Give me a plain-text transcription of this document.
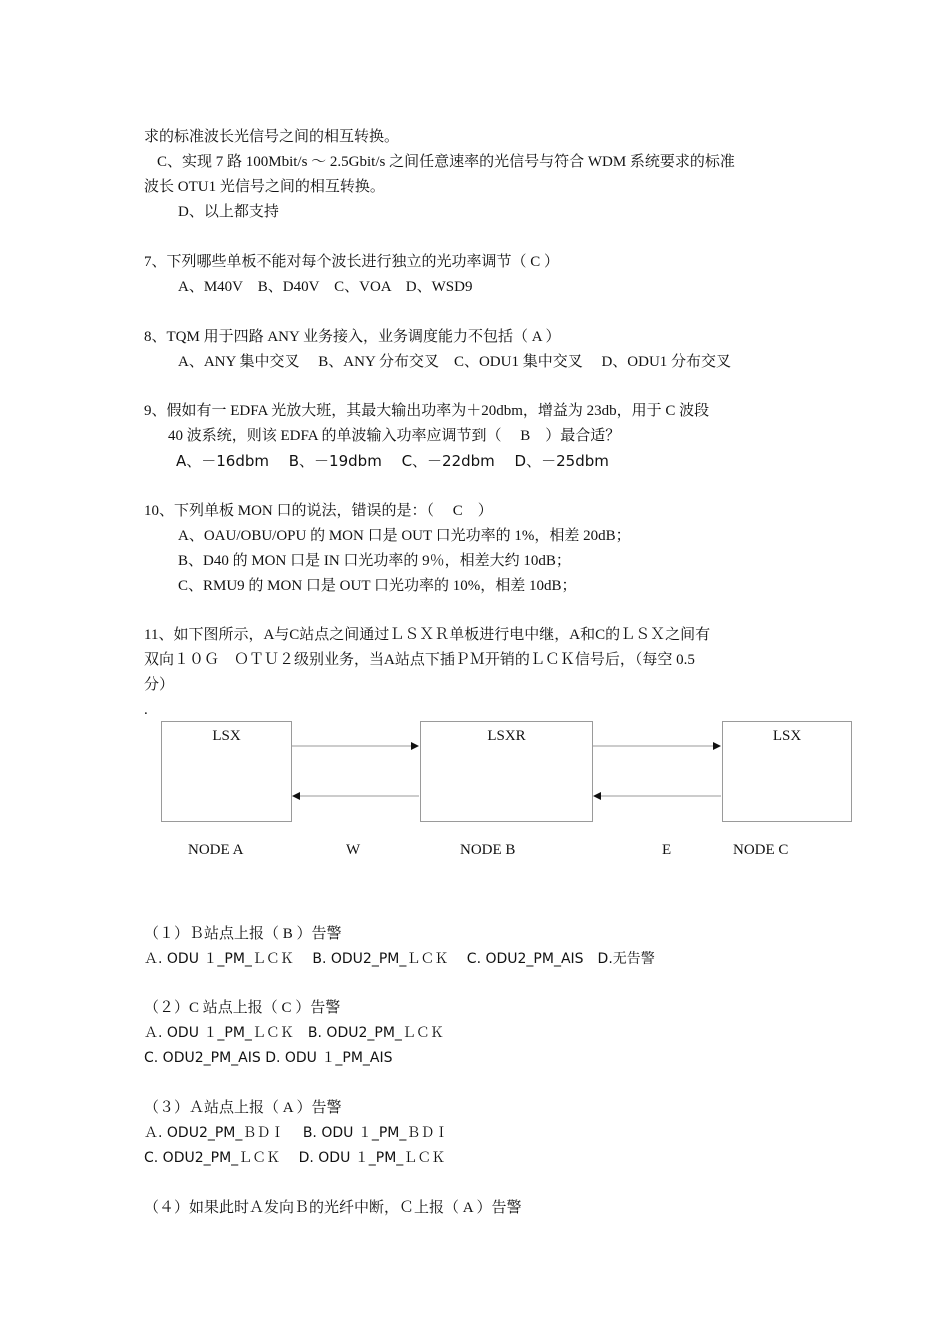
求的标准波长光信号之间的相互转换。
C、实现 7 路 100Mbit/s ～ 2.5Gbit/s 之间任意速率的光信号与符合 WDM 系统要求的标准
波长 OTU1 光信号之间的相互转换。
D、以上都支持
7、下列哪些单板不能对每个波长进行独立的光功率调节（ C ）
A、M40V　B、D40V　C、VOA　D、WSD9
8、TQM 用于四路 ANY 业务接入，业务调度能力不包括（ A ）
A、ANY 集中交叉　 B、ANY 分布交叉　C、ODU1 集中交叉　 D、ODU1 分布交叉
9、假如有一 EDFA 光放大班，其最大输出功率为＋20dbm，增益为 23db，用于 C 波段
40 波系统，则该 EDFA 的单波输入功率应调节到（　 B　）最合适？
A、－16dbm　 B、－19dbm　 C、－22dbm　 D、－25dbm
10、下列单板 MON 口的说法，错误的是：（　 C　）
A、OAU/OBU/OPU 的 MON 口是 OUT 口光功率的 1%，相差 20dB；
B、D40 的 MON 口是 IN 口光功率的 9％，相差大约 10dB；
C、RMU9 的 MON 口是 OUT 口光功率的 10%，相差 10dB；
11、如下图所示，A与C站点之间通过ＬＳＸＲ单板进行电中继，A和C的ＬＳＸ之间有
双向１０Ｇ　ＯＴＵ２级别业务，当A站点下插ＰＭ开销的ＬＣＫ信号后，（每空 0.5
分）
.
LSX	LSXR	LSX
NODE A	W	NODE B	E	NODE C
（１）Ｂ站点上报（ B ）告警
Ａ. ODU １_PM_ＬＣＫ　 B. ODU2_PM_ＬＣＫ　 C. ODU2_PM_AIS　D.无告警
（２）C 站点上报（ C ）告警
Ａ. ODU １_PM_ＬＣＫ　B. ODU2_PM_ＬＣＫ
C. ODU2_PM_AIS D. ODU １_PM_AIS
（３）Ａ站点上报（ A ）告警
Ａ. ODU2_PM_ＢＤＩ　 B. ODU １_PM_ＢＤＩ
C. ODU2_PM_ＬＣＫ　 D. ODU １_PM_ＬＣＫ
（４）如果此时Ａ发向Ｂ的光纤中断，Ｃ上报（ A ）告警
